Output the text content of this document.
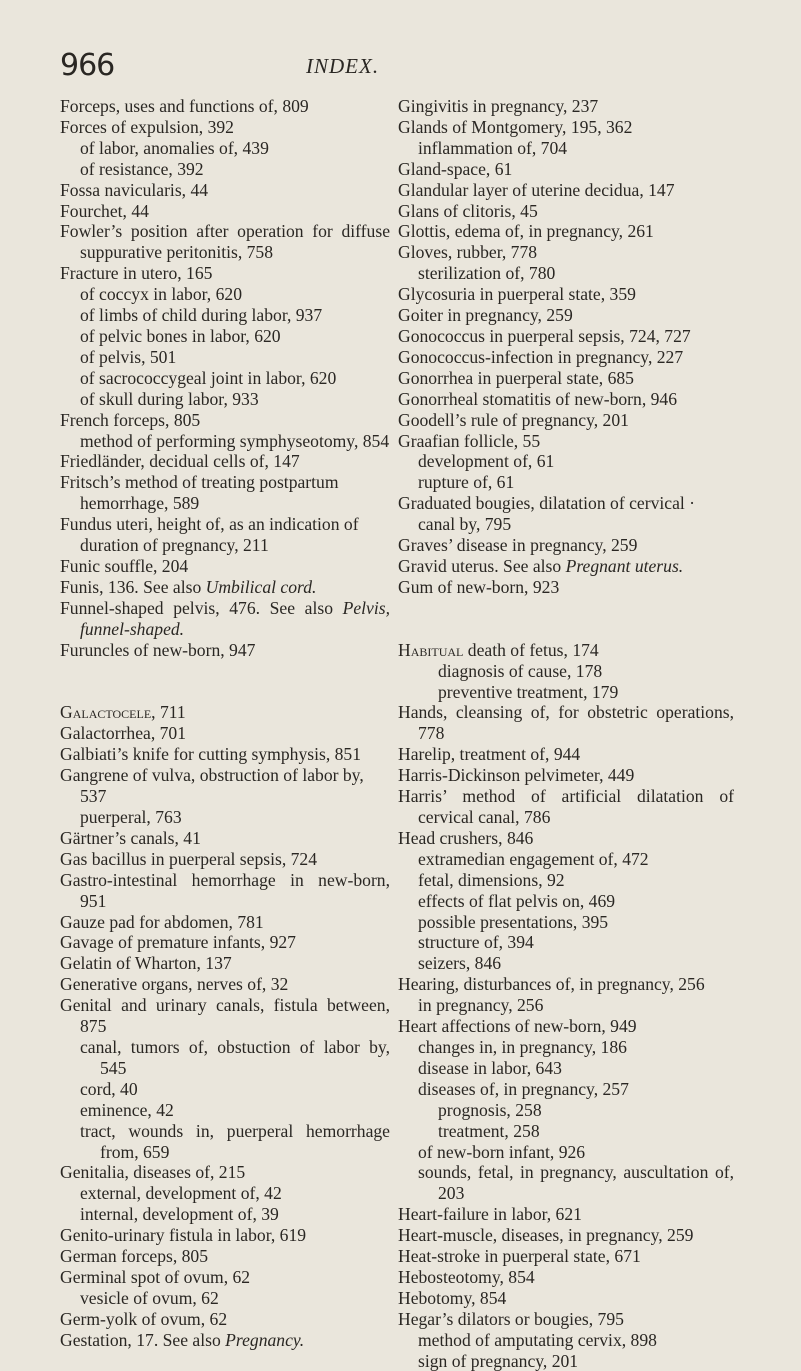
966	INDEX.
Forceps, uses and functions of, 809
Forces of expulsion, 392
of labor, anomalies of, 439
of resistance, 392
Fossa navicularis, 44
Fourchet, 44
Fowler’s position after operation for diffuse suppurative peritonitis, 758
Fracture in utero, 165
of coccyx in labor, 620
of limbs of child during labor, 937
of pelvic bones in labor, 620
of pelvis, 501
of sacrococcygeal joint in labor, 620
of skull during labor, 933
French forceps, 805
method of performing symphyseotomy, 854
Friedländer, decidual cells of, 147
Fritsch’s method of treating postpartum hemorrhage, 589
Fundus uteri, height of, as an indication of duration of pregnancy, 211
Funic souffle, 204
Funis, 136. See also Umbilical cord.
Funnel-shaped pelvis, 476. See also Pelvis, funnel-shaped.
Furuncles of new-born, 947
Galactocele, 711
Galactorrhea, 701
Galbiati’s knife for cutting symphysis, 851
Gangrene of vulva, obstruction of labor by, 537
puerperal, 763
Gärtner’s canals, 41
Gas bacillus in puerperal sepsis, 724
Gastro-intestinal hemorrhage in new-born, 951
Gauze pad for abdomen, 781
Gavage of premature infants, 927
Gelatin of Wharton, 137
Generative organs, nerves of, 32
Genital and urinary canals, fistula between, 875
canal, tumors of, obstuction of labor by, 545
cord, 40
eminence, 42
tract, wounds in, puerperal hemorrhage from, 659
Genitalia, diseases of, 215
external, development of, 42
internal, development of, 39
Genito-urinary fistula in labor, 619
German forceps, 805
Germinal spot of ovum, 62
vesicle of ovum, 62
Germ-yolk of ovum, 62
Gestation, 17. See also Pregnancy.
Gingivitis in pregnancy, 237
Glands of Montgomery, 195, 362
inflammation of, 704
Gland-space, 61
Glandular layer of uterine decidua, 147
Glans of clitoris, 45
Glottis, edema of, in pregnancy, 261
Gloves, rubber, 778
sterilization of, 780
Glycosuria in puerperal state, 359
Goiter in pregnancy, 259
Gonococcus in puerperal sepsis, 724, 727
Gonococcus-infection in pregnancy, 227
Gonorrhea in puerperal state, 685
Gonorrheal stomatitis of new-born, 946
Goodell’s rule of pregnancy, 201
Graafian follicle, 55
development of, 61
rupture of, 61
Graduated bougies, dilatation of cervical · canal by, 795
Graves’ disease in pregnancy, 259
Gravid uterus. See also Pregnant uterus.
Gum of new-born, 923
Habitual death of fetus, 174
diagnosis of cause, 178
preventive treatment, 179
Hands, cleansing of, for obstetric operations, 778
Harelip, treatment of, 944
Harris-Dickinson pelvimeter, 449
Harris’ method of artificial dilatation of cervical canal, 786
Head crushers, 846
extramedian engagement of, 472
fetal, dimensions, 92
effects of flat pelvis on, 469
possible presentations, 395
structure of, 394
seizers, 846
Hearing, disturbances of, in pregnancy, 256
in pregnancy, 256
Heart affections of new-born, 949
changes in, in pregnancy, 186
disease in labor, 643
diseases of, in pregnancy, 257
prognosis, 258
treatment, 258
of new-born infant, 926
sounds, fetal, in pregnancy, auscultation of, 203
Heart-failure in labor, 621
Heart-muscle, diseases, in pregnancy, 259
Heat-stroke in puerperal state, 671
Hebosteotomy, 854
Hebotomy, 854
Hegar’s dilators or bougies, 795
method of amputating cervix, 898
sign of pregnancy, 201
